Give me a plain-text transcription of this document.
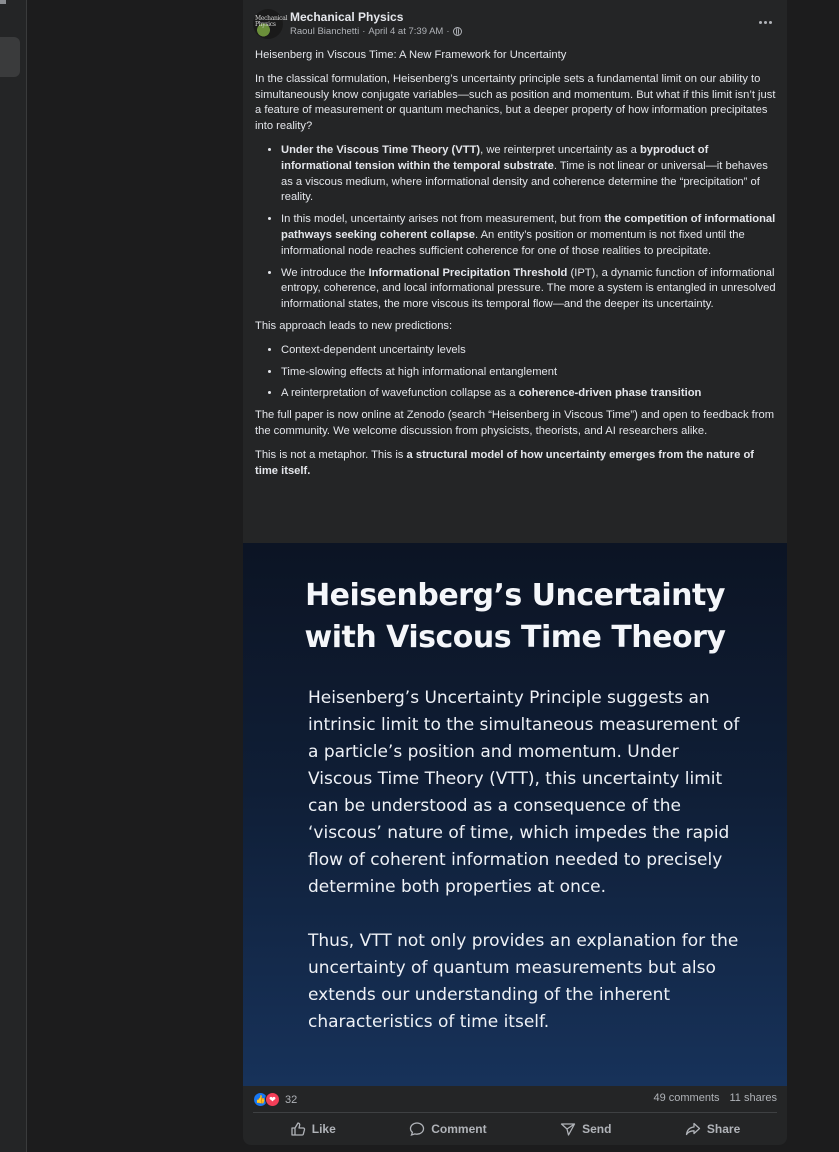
Mechanical Physics
Mechanical Physics
Raoul Bianchetti · April 4 at 7:39 AM ·

Heisenberg in Viscous Time: A New Framework for Uncertainty

In the classical formulation, Heisenberg’s uncertainty principle sets a fundamental limit on our ability to simultaneously know conjugate variables—such as position and momentum. But what if this limit isn’t just a feature of measurement or quantum mechanics, but a deeper property of how information precipitates into reality?

• Under the Viscous Time Theory (VTT), we reinterpret uncertainty as a byproduct of informational tension within the temporal substrate. Time is not linear or universal—it behaves as a viscous medium, where informational density and coherence determine the “precipitation” of reality.
• In this model, uncertainty arises not from measurement, but from the competition of informational pathways seeking coherent collapse. An entity’s position or momentum is not fixed until the informational node reaches sufficient coherence for one of those realities to precipitate.
• We introduce the Informational Precipitation Threshold (IPT), a dynamic function of informational entropy, coherence, and local informational pressure. The more a system is entangled in unresolved informational states, the more viscous its temporal flow—and the deeper its uncertainty.

This approach leads to new predictions:

• Context-dependent uncertainty levels
• Time-slowing effects at high informational entanglement
• A reinterpretation of wavefunction collapse as a coherence-driven phase transition

The full paper is now online at Zenodo (search “Heisenberg in Viscous Time”) and open to feedback from the community. We welcome discussion from physicists, theorists, and AI researchers alike.

This is not a metaphor. This is a structural model of how uncertainty emerges from the nature of time itself.

Heisenberg’s Uncertainty
with Viscous Time Theory
Heisenberg’s Uncertainty Principle suggests an intrinsic limit to the simultaneous measurement of a particle’s position and momentum. Under Viscous Time Theory (VTT), this uncertainty limit can be understood as a consequence of the ‘viscous’ nature of time, which impedes the rapid flow of coherent information needed to precisely determine both properties at once.
Thus, VTT not only provides an explanation for the uncertainty of quantum measurements but also extends our understanding of the inherent characteristics of time itself.
👍 ❤ 32	49 comments 11 shares
Like	Comment	Send	Share
